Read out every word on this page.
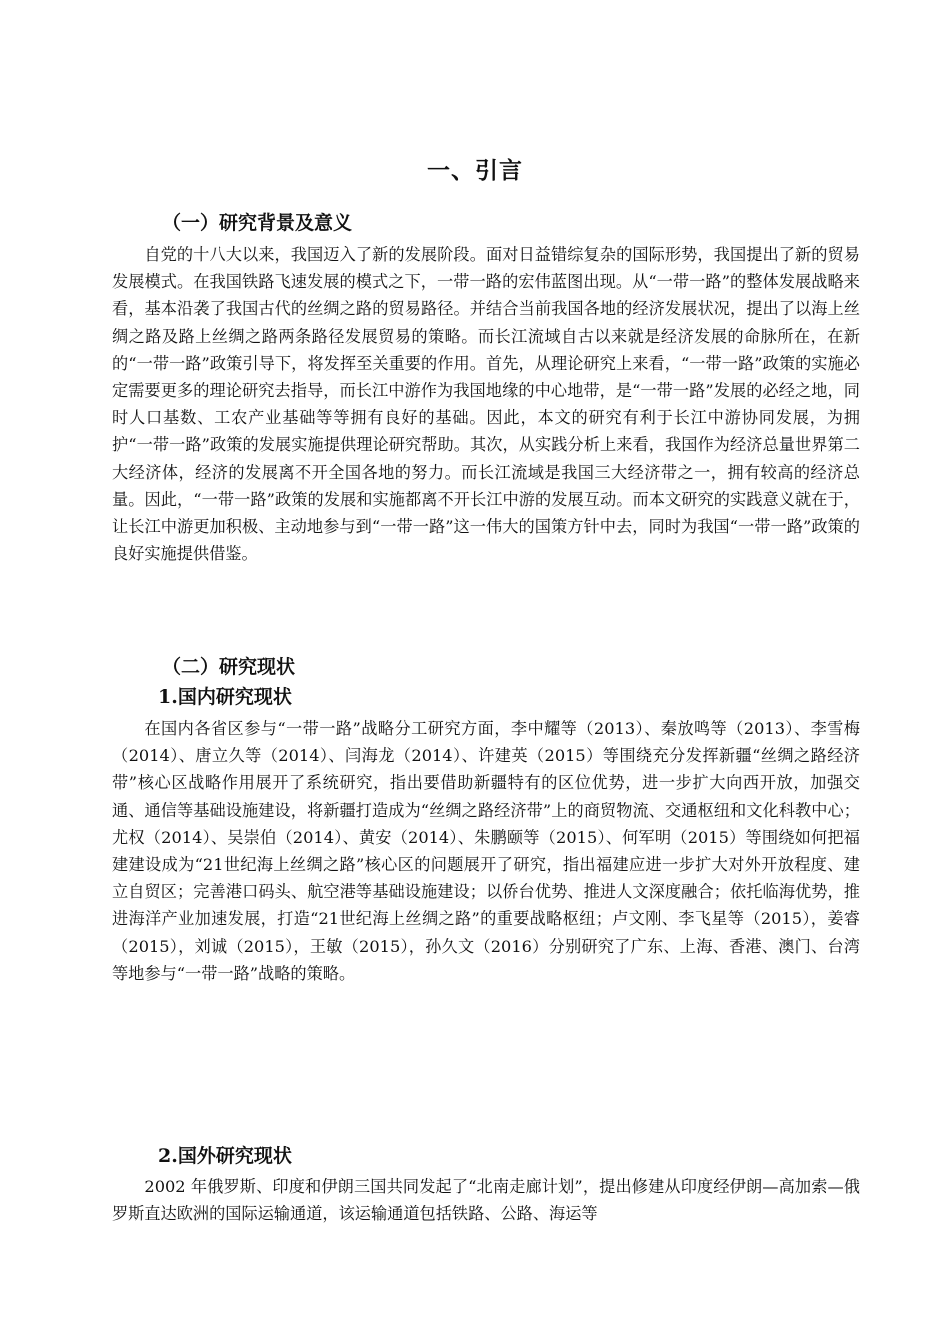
一、引言
（一）研究背景及意义

自党的十八大以来，我国迈入了新的发展阶段。面对日益错综复杂的国际形势，我国提出了新的贸易发展模式。在我国铁路飞速发展的模式之下，一带一路的宏伟蓝图出现。从“一带一路”的整体发展战略来看，基本沿袭了我国古代的丝绸之路的贸易路径。并结合当前我国各地的经济发展状况，提出了以海上丝绸之路及路上丝绸之路两条路径发展贸易的策略。而长江流域自古以来就是经济发展的命脉所在，在新的“一带一路”政策引导下，将发挥至关重要的作用。首先，从理论研究上来看，“一带一路”政策的实施必定需要更多的理论研究去指导，而长江中游作为我国地缘的中心地带，是“一带一路”发展的必经之地，同时人口基数、工农产业基础等等拥有良好的基础。因此，本文的研究有利于长江中游协同发展，为拥护“一带一路”政策的发展实施提供理论研究帮助。其次，从实践分析上来看，我国作为经济总量世界第二大经济体，经济的发展离不开全国各地的努力。而长江流域是我国三大经济带之一，拥有较高的经济总量。因此，“一带一路”政策的发展和实施都离不开长江中游的发展互动。而本文研究的实践意义就在于，让长江中游更加积极、主动地参与到“一带一路”这一伟大的国策方针中去，同时为我国“一带一路”政策的良好实施提供借鉴。

（二）研究现状
1.国内研究现状

在国内各省区参与“一带一路”战略分工研究方面，李中耀等（2013）、秦放鸣等（2013）、李雪梅（2014）、唐立久等（2014）、闫海龙（2014）、许建英（2015）等围绕充分发挥新疆“丝绸之路经济带”核心区战略作用展开了系统研究，指出要借助新疆特有的区位优势，进一步扩大向西开放，加强交通、通信等基础设施建设，将新疆打造成为“丝绸之路经济带”上的商贸物流、交通枢纽和文化科教中心；尤权（2014）、吴崇伯（2014）、黄安（2014）、朱鹏颐等（2015）、何军明（2015）等围绕如何把福建建设成为“21世纪海上丝绸之路”核心区的问题展开了研究，指出福建应进一步扩大对外开放程度、建立自贸区；完善港口码头、航空港等基础设施建设；以侨台优势、推进人文深度融合；依托临海优势，推进海洋产业加速发展，打造“21世纪海上丝绸之路”的重要战略枢纽；卢文刚、李飞星等（2015），姜睿（2015），刘诚（2015），王敏（2015），孙久文（2016）分别研究了广东、上海、香港、澳门、台湾等地参与“一带一路”战略的策略。

2.国外研究现状

2002 年俄罗斯、印度和伊朗三国共同发起了“北南走廊计划”，提出修建从印度经伊朗—高加索—俄罗斯直达欧洲的国际运输通道，该运输通道包括铁路、公路、海运等
